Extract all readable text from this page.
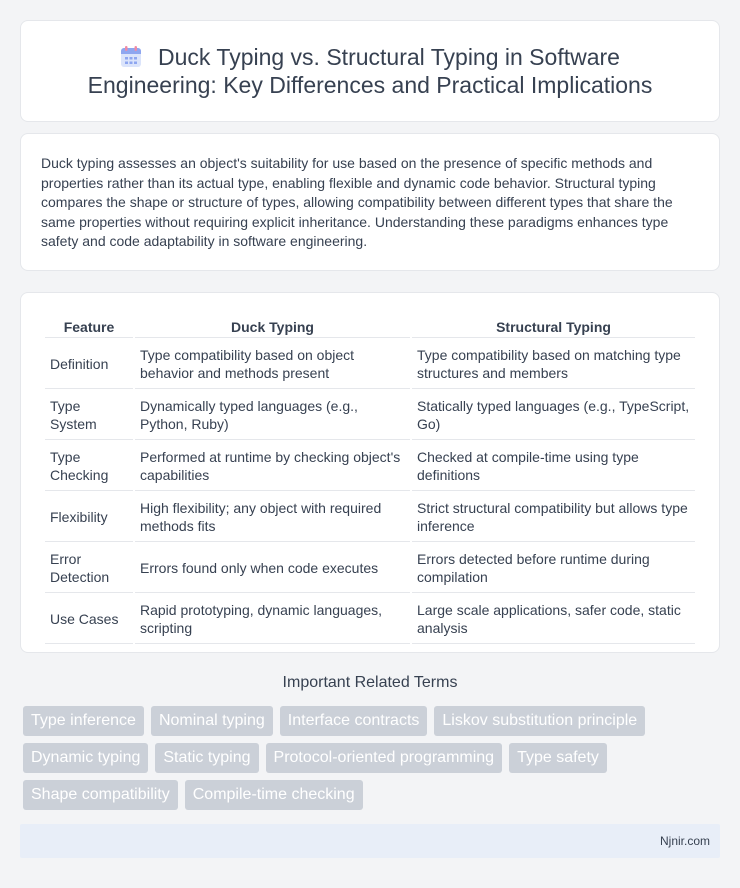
Duck Typing vs. Structural Typing in Software Engineering: Key Differences and Practical Implications

Duck typing assesses an object's suitability for use based on the presence of specific methods and properties rather than its actual type, enabling flexible and dynamic code behavior. Structural typing compares the shape or structure of types, allowing compatibility between different types that share the same properties without requiring explicit inheritance. Understanding these paradigms enhances type safety and code adaptability in software engineering.

Feature	Duck Typing	Structural Typing
Definition	Type compatibility based on object behavior and methods present	Type compatibility based on matching type structures and members
Type System	Dynamically typed languages (e.g., Python, Ruby)	Statically typed languages (e.g., TypeScript, Go)
Type Checking	Performed at runtime by checking object's capabilities	Checked at compile-time using type definitions
Flexibility	High flexibility; any object with required methods fits	Strict structural compatibility but allows type inference
Error Detection	Errors found only when code executes	Errors detected before runtime during compilation
Use Cases	Rapid prototyping, dynamic languages, scripting	Large scale applications, safer code, static analysis
Important Related Terms
Type inference	Nominal typing	Interface contracts	Liskov substitution principle
Dynamic typing	Static typing	Protocol-oriented programming	Type safety
Shape compatibility	Compile-time checking
Njnir.com
